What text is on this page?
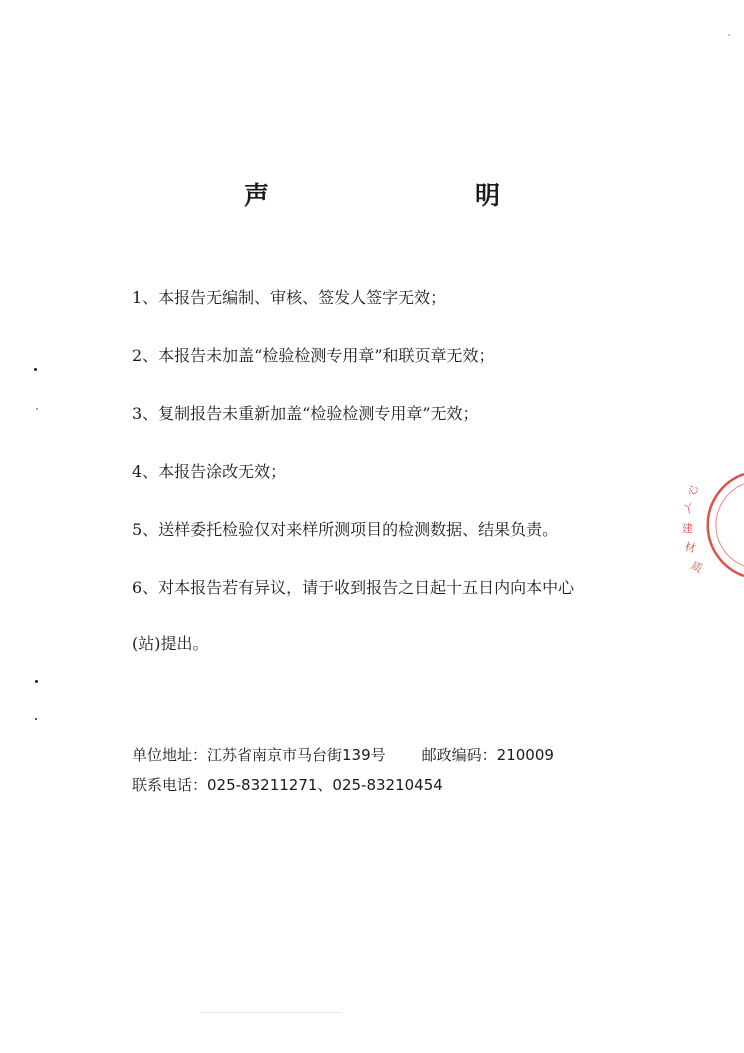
声　　明
1、本报告无编制、审核、签发人签字无效；
2、本报告未加盖“检验检测专用章”和联页章无效；
3、复制报告未重新加盖“检验检测专用章”无效；
4、本报告涂改无效；
5、送样委托检验仅对来样所测项目的检测数据、结果负责。
6、对本报告若有异议，请于收到报告之日起十五日内向本中心
(站)提出。
单位地址：江苏省南京市马台街139号 邮政编码：210009
联系电话：025-83211271、025-83210454
心
丫
建
材
质
